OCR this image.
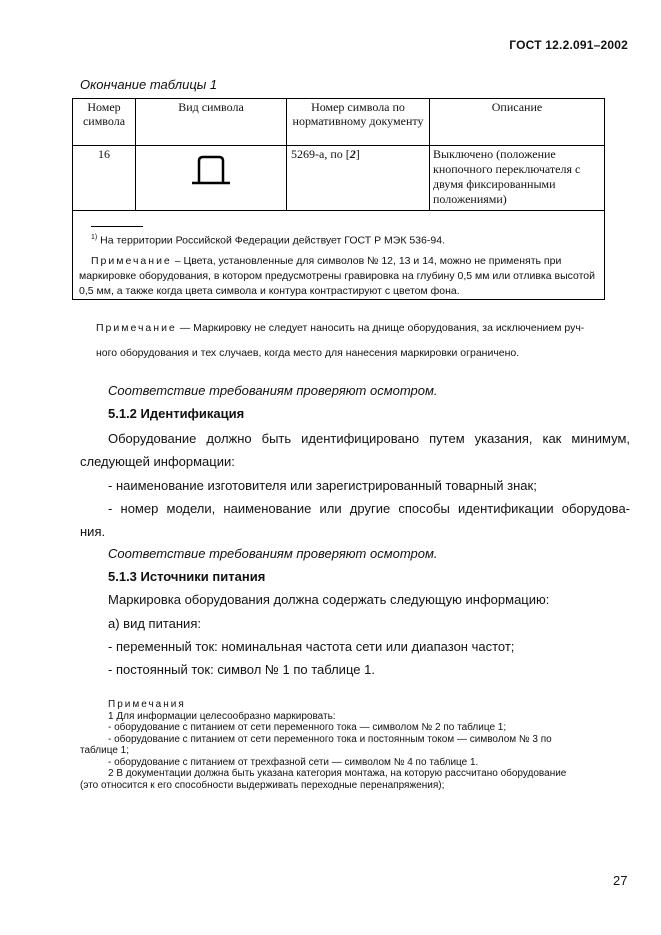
ГОСТ 12.2.091–2002
Окончание таблицы 1
Номер символа	Вид символа	Номер символа по нормативному документу	Описание
16		5269-а, по [2]	Выключено (положение кнопочного переключателя с двумя фиксированными положениями)
$^{1)}$ На территории Российской Федерации действует ГОСТ Р МЭК 536-94.
Примечание – Цвета, установленные для символов № 12, 13 и 14, можно не применять при маркировке оборудования, в котором предусмотрены гравировка на глубину 0,5 мм или отливка высотой 0,5 мм, а также когда цвета символа и контура контрастируют с цветом фона.
Примечание — Маркировку не следует наносить на днище оборудования, за исключением руч-
ного оборудования и тех случаев, когда место для нанесения маркировки ограничено.
Соответствие требованиям проверяют осмотром.
5.1.2 Идентификация
Оборудование должно быть идентифицировано путем указания, как минимум,
следующей информации:
- наименование изготовителя или зарегистрированный товарный знак;
- номер модели, наименование или другие способы идентификации оборудова-
ния.
Соответствие требованиям проверяют осмотром.
5.1.3 Источники питания
Маркировка оборудования должна содержать следующую информацию:
а) вид питания:
- переменный ток: номинальная частота сети или диапазон частот;
- постоянный ток: символ № 1 по таблице 1.
Примечания
1 Для информации целесообразно маркировать:
- оборудование с питанием от сети переменного тока — символом № 2 по таблице 1;
- оборудование с питанием от сети переменного тока и постоянным током — символом № 3 по
таблице 1;
- оборудование с питанием от трехфазной сети — символом № 4 по таблице 1.
2 В документации должна быть указана категория монтажа, на которую рассчитано оборудование
(это относится к его способности выдерживать переходные перенапряжения);
27
